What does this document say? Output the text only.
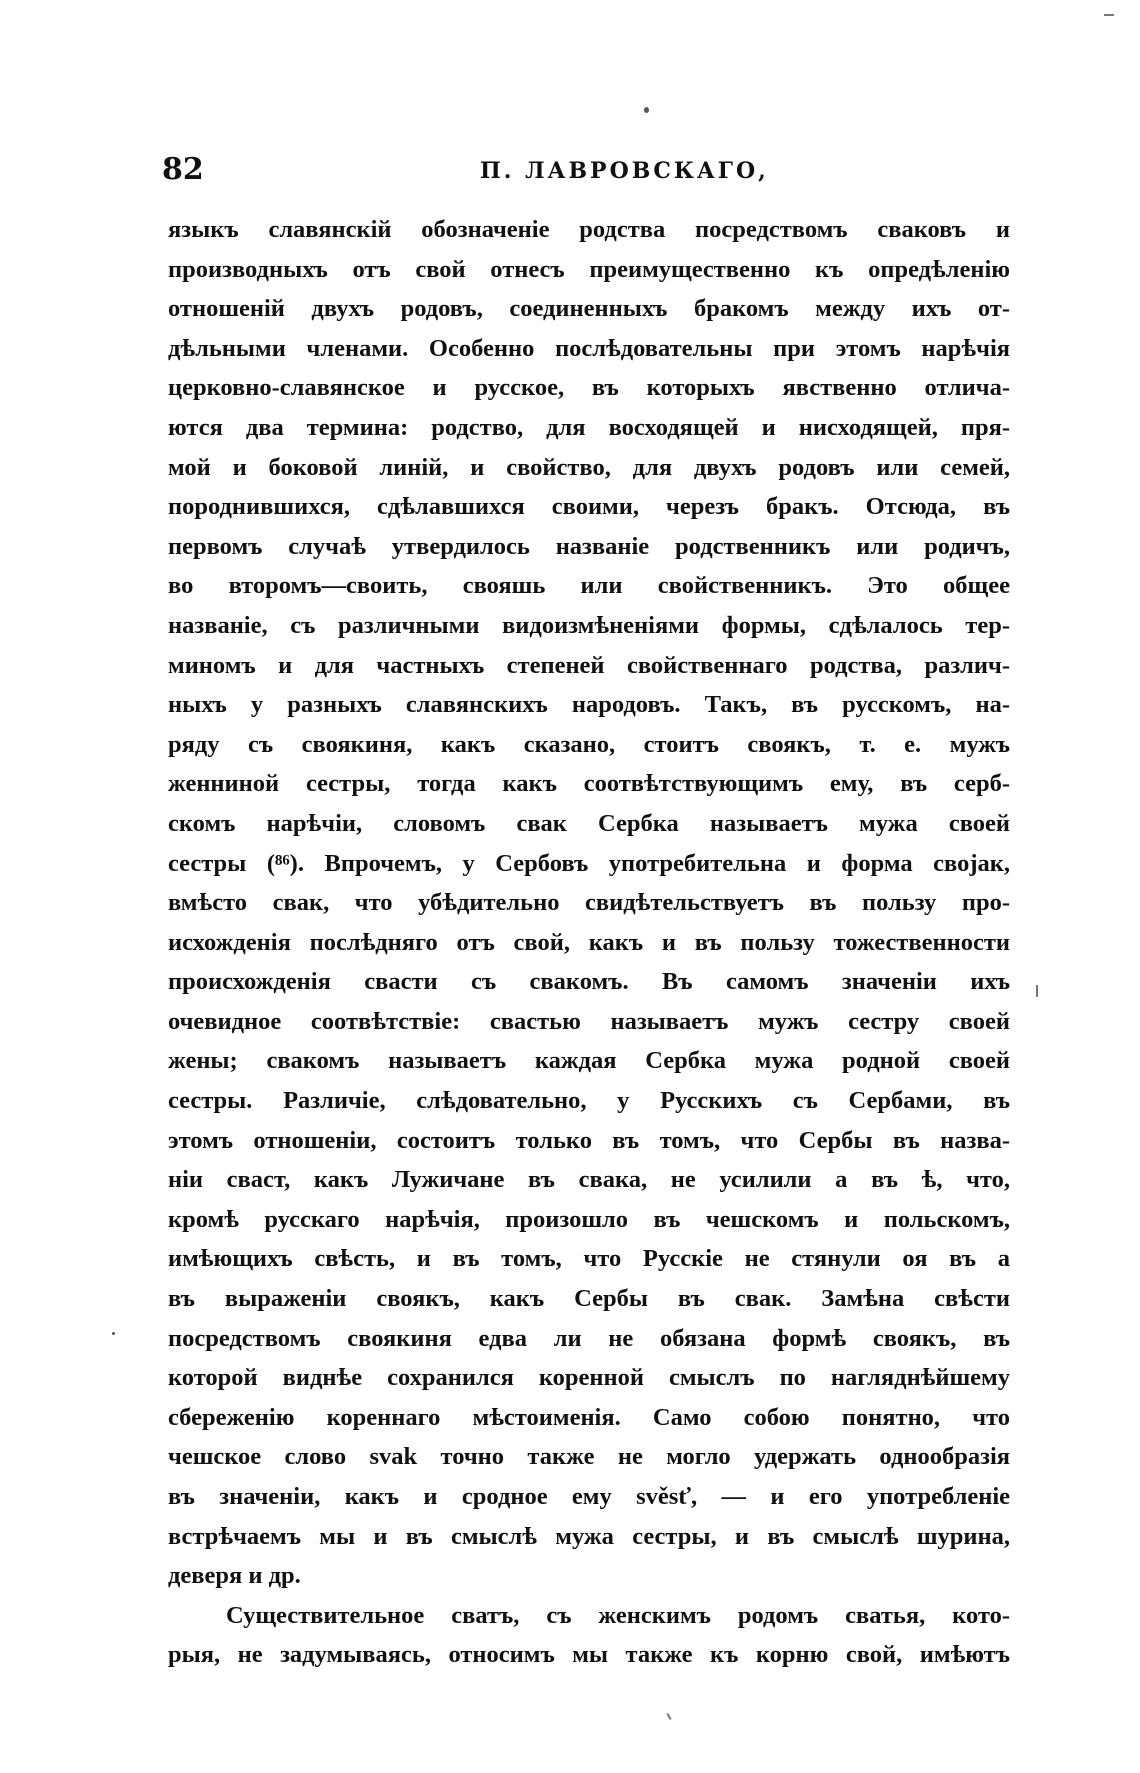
82	П. ЛАВРОВСКАГО,
языкъ славянскій обозначеніе родства посредствомъ сваковъ и
производныхъ отъ свой отнесъ преимущественно къ опредѣленію
отношеній двухъ родовъ, соединенныхъ бракомъ между ихъ от-
дѣльными членами. Особенно послѣдовательны при этомъ нарѣчія
церковно-славянское и русское, въ которыхъ явственно отлича-
ются два термина: родство, для восходящей и нисходящей, пря-
мой и боковой линій, и свойство, для двухъ родовъ или семей,
породнившихся, сдѣлавшихся своими, черезъ бракъ. Отсюда, въ
первомъ случаѣ утвердилось названіе родственникъ или родичъ,
во второмъ—своить, свояшь или свойственникъ. Это общее
названіе, съ различными видоизмѣненіями формы, сдѣлалось тер-
миномъ и для частныхъ степеней свойственнаго родства, различ-
ныхъ у разныхъ славянскихъ народовъ. Такъ, въ русскомъ, на-
ряду съ своякиня, какъ сказано, стоитъ своякъ, т. е. мужъ
женниной сестры, тогда какъ соотвѣтствующимъ ему, въ серб-
скомъ нарѣчіи, словомъ свак Сербка называетъ мужа своей
сестры (⁸⁶). Впрочемъ, у Сербовъ употребительна и форма своjак,
вмѣсто свак, что убѣдительно свидѣтельствуетъ въ пользу про-
исхожденія послѣдняго отъ свой, какъ и въ пользу тожественности
происхожденія свасти съ свакомъ. Въ самомъ значеніи ихъ
очевидное соотвѣтствіе: свастью называетъ мужъ сестру своей
жены; свакомъ называетъ каждая Сербка мужа родной своей
сестры. Различіе, слѣдовательно, у Русскихъ съ Сербами, въ
этомъ отношеніи, состоитъ только въ томъ, что Сербы въ назва-
ніи сваст, какъ Лужичане въ свака, не усилили а въ ѣ, что,
кромѣ русскаго нарѣчія, произошло въ чешскомъ и польскомъ,
имѣющихъ свѣсть, и въ томъ, что Русскіе не стянули оя въ а
въ выраженіи своякъ, какъ Сербы въ свак. Замѣна свѣсти
посредствомъ своякиня едва ли не обязана формѣ своякъ, въ
которой виднѣе сохранился коренной смыслъ по нагляднѣйшему
сбереженію кореннаго мѣстоименія. Само собою понятно, что
чешское слово svak точно также не могло удержать однообразія
въ значеніи, какъ и сродное ему svěsť, — и его употребленіе
встрѣчаемъ мы и въ смыслѣ мужа сестры, и въ смыслѣ шурина,
деверя и др.
Существительное сватъ, съ женскимъ родомъ сватья, кото-
рыя, не задумываясь, относимъ мы также къ корню свой, имѣютъ
